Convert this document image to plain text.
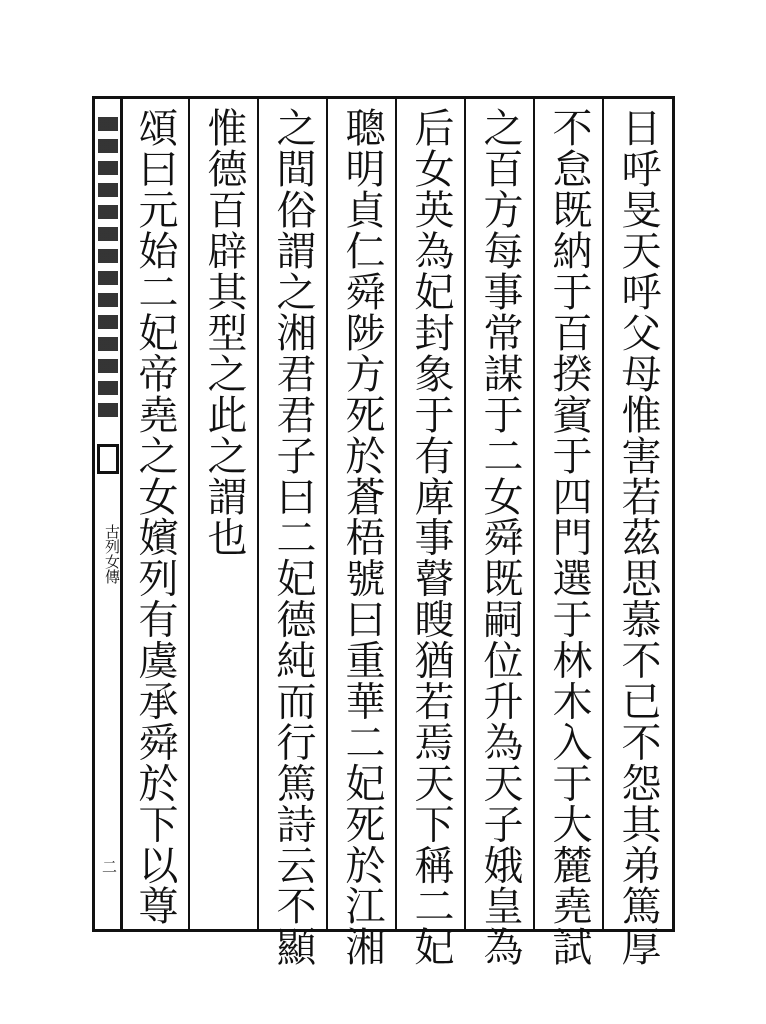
古列女傳
二	日呼旻天呼父母惟害若茲思慕不已不怨其弟篤厚
不怠既納于百揆賓于四門選于林木入于大麓堯試
之百方每事常謀于二女舜既嗣位升為天子娥皇為
后女英為妃封象于有庳事瞽瞍猶若焉天下稱二妃
聰明貞仁舜陟方死於蒼梧號曰重華二妃死於江湘
之間俗謂之湘君君子曰二妃德純而行篤詩云不顯
惟德百辟其型之此之謂也
頌曰元始二妃帝堯之女嬪列有虞承舜於下以尊
